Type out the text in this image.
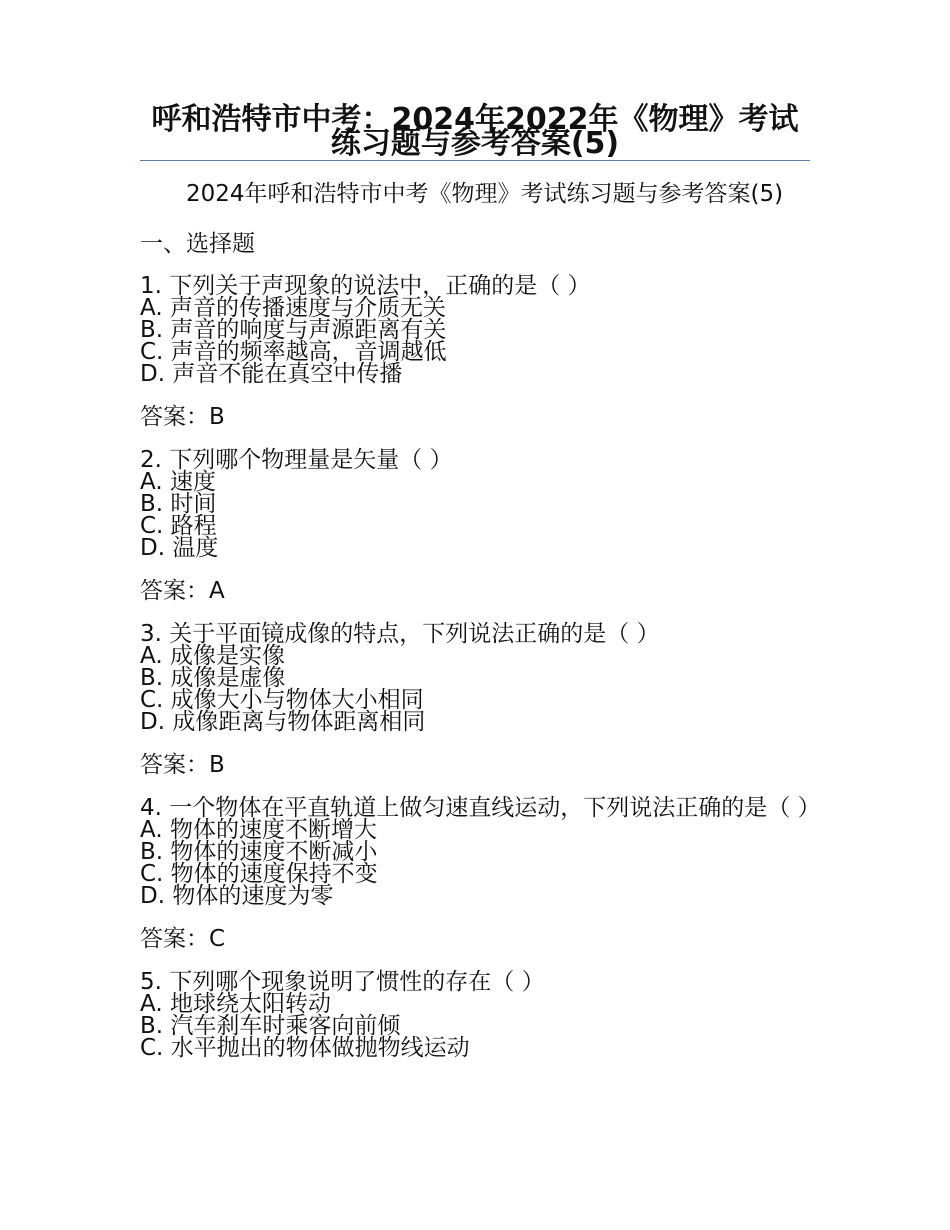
呼和浩特市中考：2024年2022年《物理》考试练习题与参考答案(5)

2024年呼和浩特市中考《物理》考试练习题与参考答案(5)

一、选择题

1. 下列关于声现象的说法中，正确的是（ ）

A. 声音的传播速度与介质无关

B. 声音的响度与声源距离有关

C. 声音的频率越高，音调越低

D. 声音不能在真空中传播

答案：B

2. 下列哪个物理量是矢量（ ）

A. 速度

B. 时间

C. 路程

D. 温度

答案：A

3. 关于平面镜成像的特点，下列说法正确的是（ ）

A. 成像是实像

B. 成像是虚像

C. 成像大小与物体大小相同

D. 成像距离与物体距离相同

答案：B

4. 一个物体在平直轨道上做匀速直线运动，下列说法正确的是（ ）

A. 物体的速度不断增大

B. 物体的速度不断减小

C. 物体的速度保持不变

D. 物体的速度为零

答案：C

5. 下列哪个现象说明了惯性的存在（ ）

A. 地球绕太阳转动

B. 汽车刹车时乘客向前倾

C. 水平抛出的物体做抛物线运动
